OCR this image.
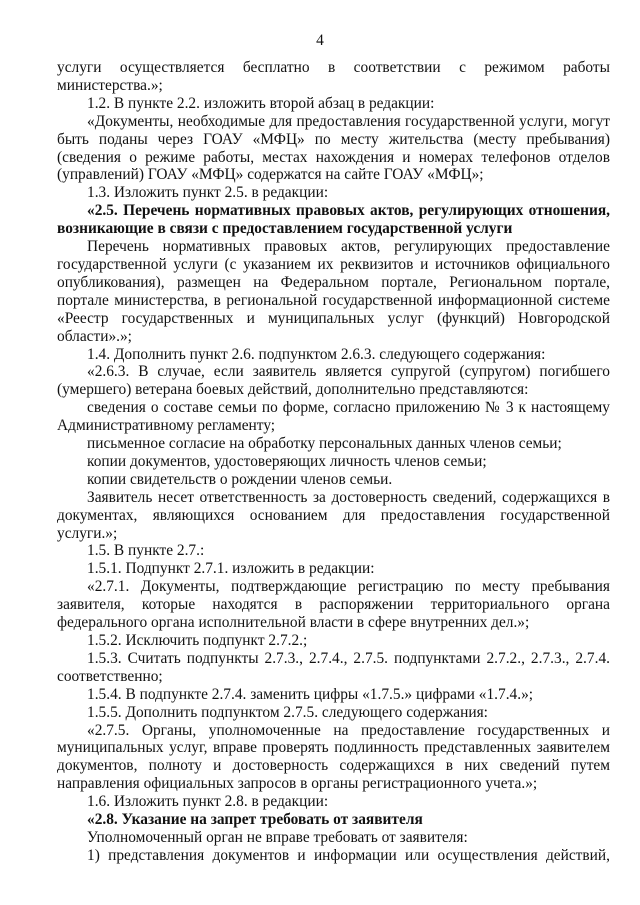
4

услуги осуществляется бесплатно в соответствии с режимом работы министерства.»;

1.2. В пункте 2.2. изложить второй абзац в редакции:

«Документы, необходимые для предоставления государственной услуги, могут быть поданы через ГОАУ «МФЦ» по месту жительства (месту пребывания) (сведения о режиме работы, местах нахождения и номерах телефонов отделов (управлений) ГОАУ «МФЦ» содержатся на сайте ГОАУ «МФЦ»;

1.3. Изложить пункт 2.5. в редакции:

«2.5. Перечень нормативных правовых актов, регулирующих отношения, возникающие в связи с предоставлением государственной услуги

Перечень нормативных правовых актов, регулирующих предоставление государственной услуги (с указанием их реквизитов и источников официального опубликования), размещен на Федеральном портале, Региональном портале, портале министерства, в региональной государственной информационной системе «Реестр государственных и муниципальных услуг (функций) Новгородской области».»;

1.4. Дополнить пункт 2.6. подпунктом 2.6.3. следующего содержания:

«2.6.3. В случае, если заявитель является супругой (супругом) погибшего (умершего) ветерана боевых действий, дополнительно представляются:

сведения о составе семьи по форме, согласно приложению № 3 к настоящему Административному регламенту;

письменное согласие на обработку персональных данных членов семьи;

копии документов, удостоверяющих личность членов семьи;

копии свидетельств о рождении членов семьи.

Заявитель несет ответственность за достоверность сведений, содержащихся в документах, являющихся основанием для предоставления государственной услуги.»;

1.5. В пункте 2.7.:

1.5.1. Подпункт 2.7.1. изложить в редакции:

«2.7.1. Документы, подтверждающие регистрацию по месту пребывания заявителя, которые находятся в распоряжении территориального органа федерального органа исполнительной власти в сфере внутренних дел.»;

1.5.2. Исключить подпункт 2.7.2.;

1.5.3. Считать подпункты 2.7.3., 2.7.4., 2.7.5. подпунктами 2.7.2., 2.7.3., 2.7.4. соответственно;

1.5.4. В подпункте 2.7.4. заменить цифры «1.7.5.» цифрами «1.7.4.»;

1.5.5. Дополнить подпунктом 2.7.5. следующего содержания:

«2.7.5. Органы, уполномоченные на предоставление государственных и муниципальных услуг, вправе проверять подлинность представленных заявителем документов, полноту и достоверность содержащихся в них сведений путем направления официальных запросов в органы регистрационного учета.»;

1.6. Изложить пункт 2.8. в редакции:

«2.8. Указание на запрет требовать от заявителя

Уполномоченный орган не вправе требовать от заявителя:

1) представления документов и информации или осуществления действий,
